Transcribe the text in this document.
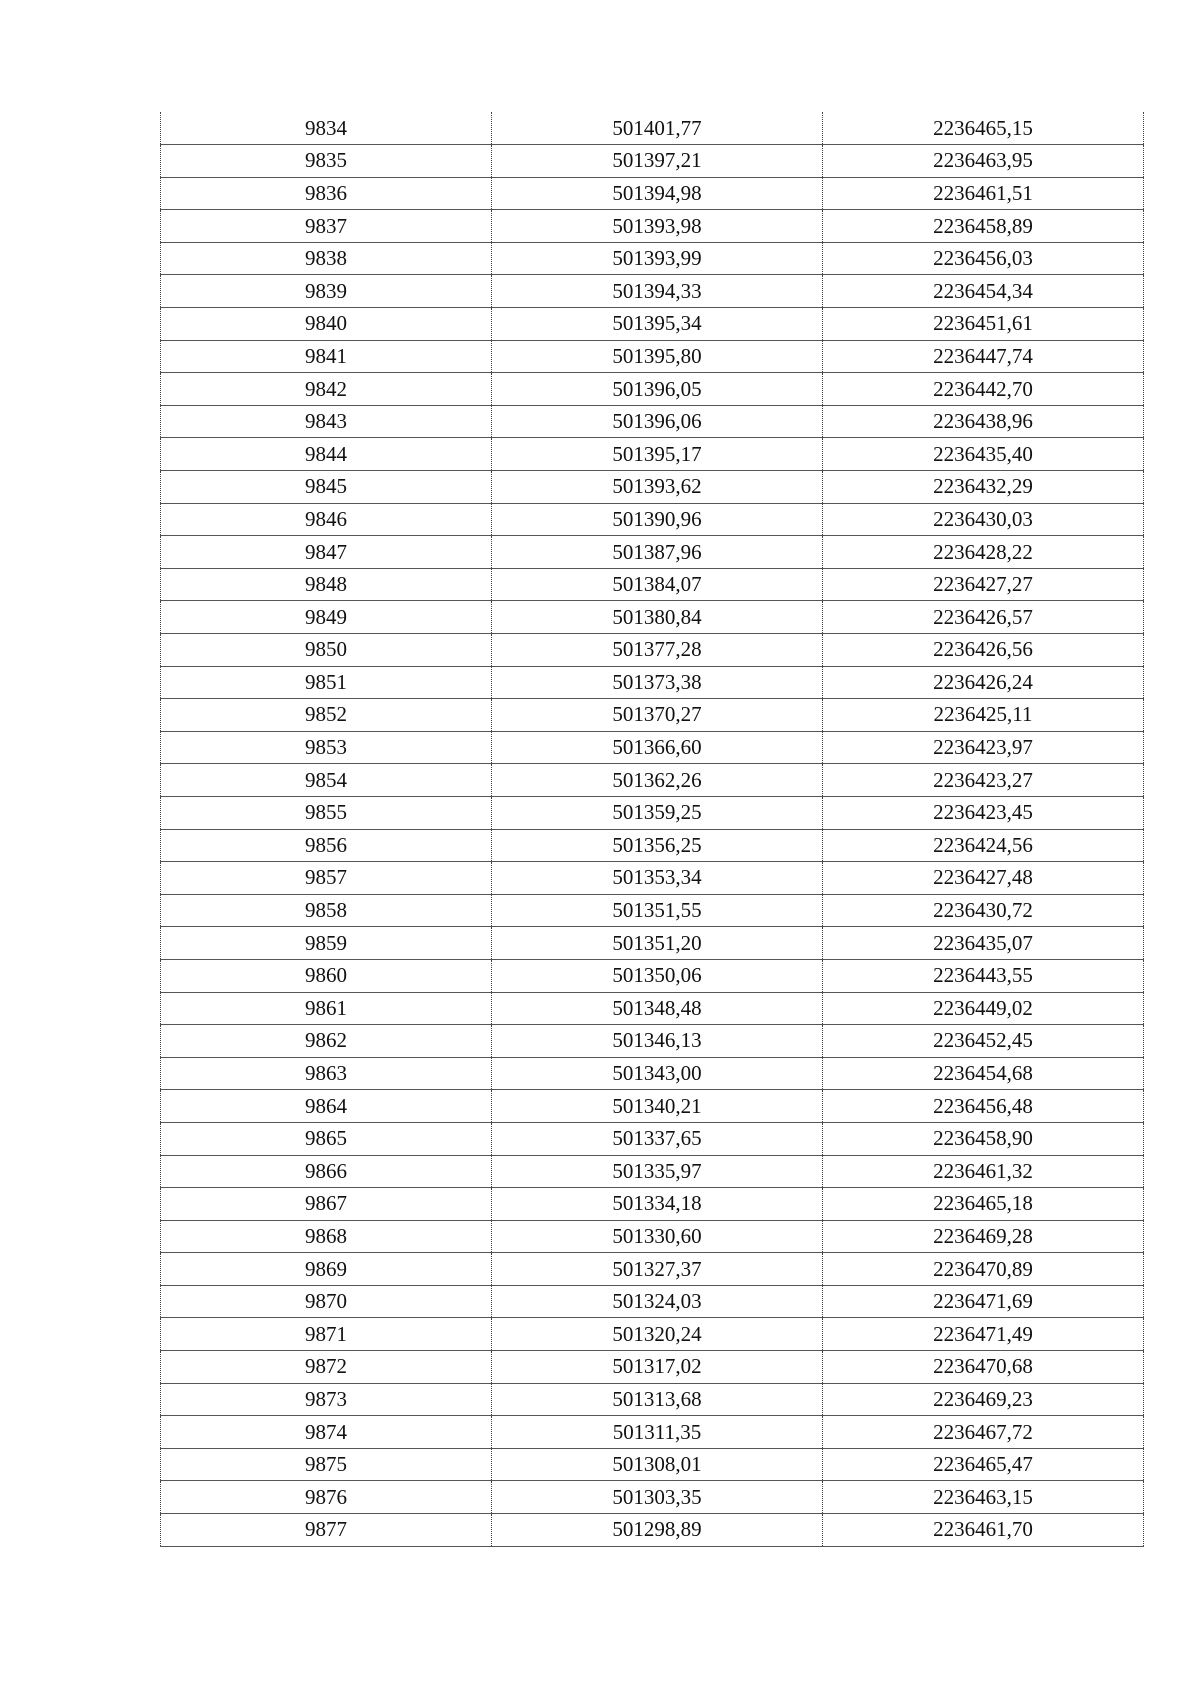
9834	501401,77	2236465,15
9835	501397,21	2236463,95
9836	501394,98	2236461,51
9837	501393,98	2236458,89
9838	501393,99	2236456,03
9839	501394,33	2236454,34
9840	501395,34	2236451,61
9841	501395,80	2236447,74
9842	501396,05	2236442,70
9843	501396,06	2236438,96
9844	501395,17	2236435,40
9845	501393,62	2236432,29
9846	501390,96	2236430,03
9847	501387,96	2236428,22
9848	501384,07	2236427,27
9849	501380,84	2236426,57
9850	501377,28	2236426,56
9851	501373,38	2236426,24
9852	501370,27	2236425,11
9853	501366,60	2236423,97
9854	501362,26	2236423,27
9855	501359,25	2236423,45
9856	501356,25	2236424,56
9857	501353,34	2236427,48
9858	501351,55	2236430,72
9859	501351,20	2236435,07
9860	501350,06	2236443,55
9861	501348,48	2236449,02
9862	501346,13	2236452,45
9863	501343,00	2236454,68
9864	501340,21	2236456,48
9865	501337,65	2236458,90
9866	501335,97	2236461,32
9867	501334,18	2236465,18
9868	501330,60	2236469,28
9869	501327,37	2236470,89
9870	501324,03	2236471,69
9871	501320,24	2236471,49
9872	501317,02	2236470,68
9873	501313,68	2236469,23
9874	501311,35	2236467,72
9875	501308,01	2236465,47
9876	501303,35	2236463,15
9877	501298,89	2236461,70
